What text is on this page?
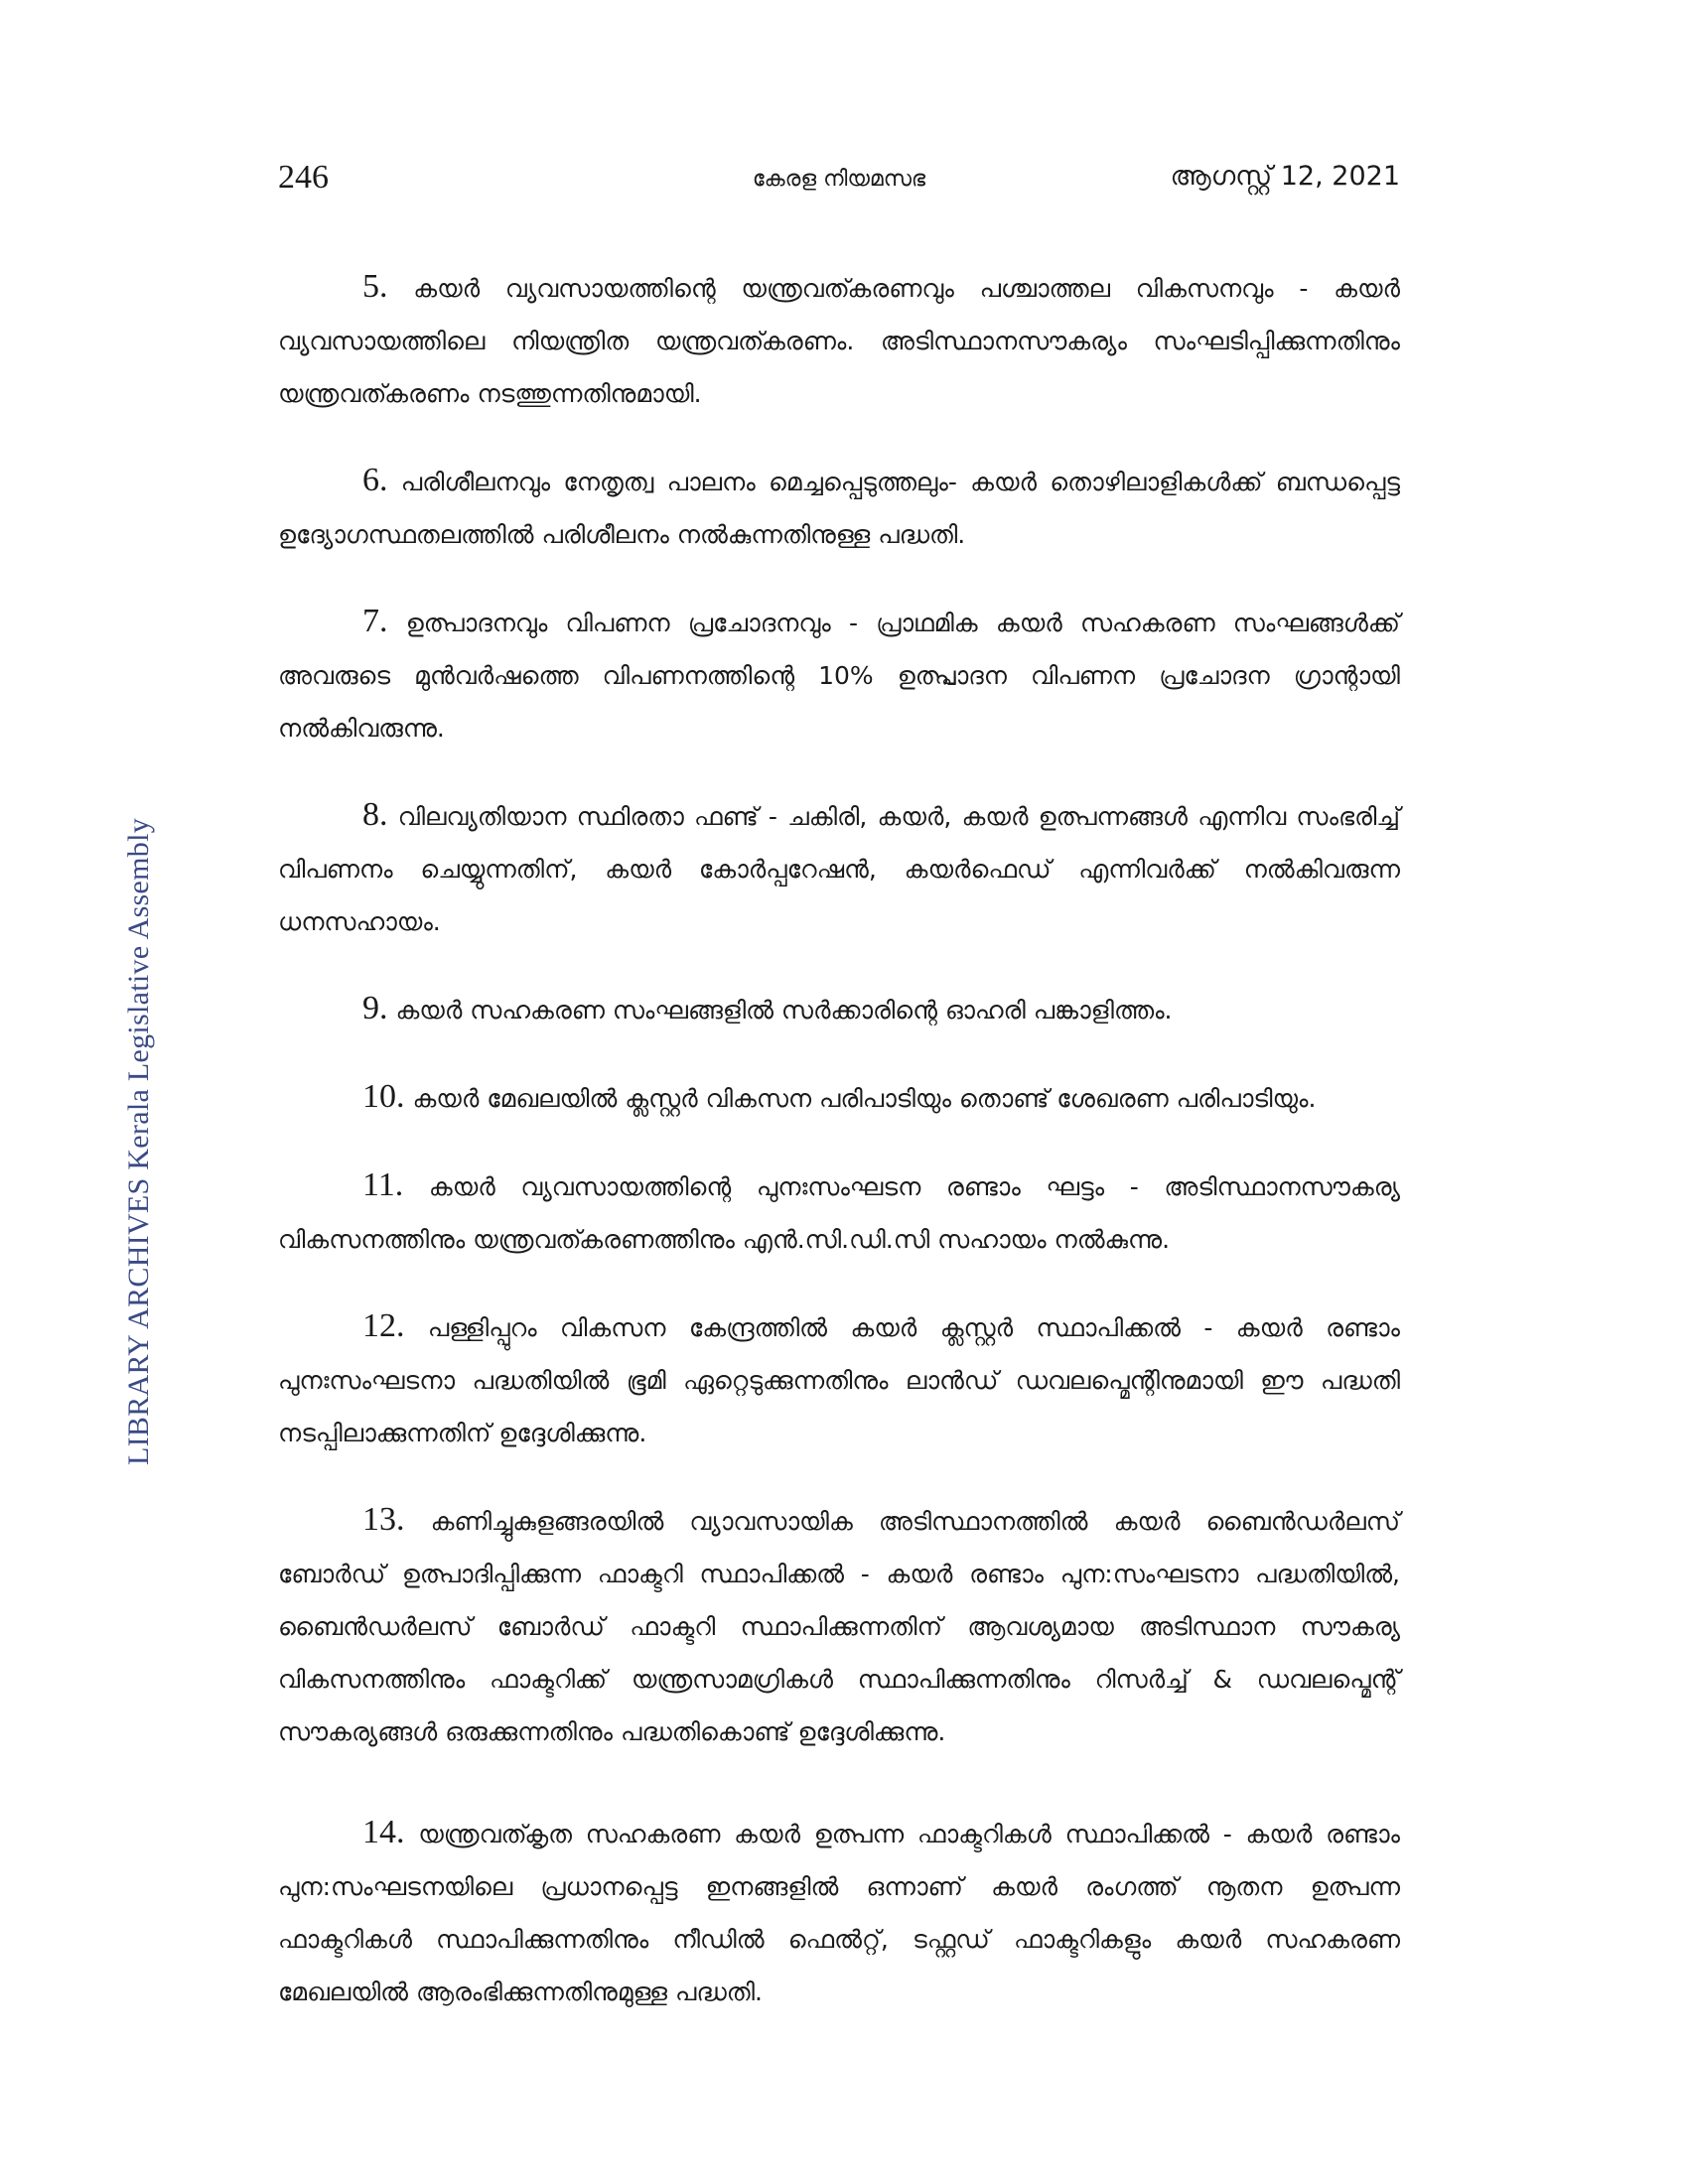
246	കേരള നിയമസഭ	ആഗസ്റ്റ് 12, 2021
LIBRARY ARCHIVES Kerala Legislative Assembly

5. കയർ വ്യവസായത്തിന്റെ യന്ത്രവത്കരണവും പശ്ചാത്തല വികസനവും - കയർ വ്യവസായത്തിലെ നിയന്ത്രിത യന്ത്രവത്കരണം. അടിസ്ഥാനസൗകര്യം സംഘടിപ്പിക്കുന്നതിനും യന്ത്രവത്കരണം നടത്തുന്നതിനുമായി.

6. പരിശീലനവും നേതൃത്വ പാലനം മെച്ചപ്പെടുത്തലും- കയർ തൊഴിലാളികൾക്ക് ബന്ധപ്പെട്ട ഉദ്യോഗസ്ഥതലത്തിൽ പരിശീലനം നൽകുന്നതിനുള്ള പദ്ധതി.

7. ഉത്പാദനവും വിപണന പ്രചോദനവും - പ്രാഥമിക കയർ സഹകരണ സംഘങ്ങൾക്ക് അവരുടെ മുൻവർഷത്തെ വിപണനത്തിന്റെ 10% ഉത്പ്പാദന വിപണന പ്രചോദന ഗ്രാന്റായി നൽകിവരുന്നു.

8. വിലവ്യതിയാന സ്ഥിരതാ ഫണ്ട് - ചകിരി, കയർ, കയർ ഉത്പന്നങ്ങൾ എന്നിവ സംഭരിച്ച് വിപണനം ചെയ്യുന്നതിന്, കയർ കോർപ്പറേഷൻ, കയർഫെഡ് എന്നിവർക്ക് നൽകിവരുന്ന ധനസഹായം.

9. കയർ സഹകരണ സംഘങ്ങളിൽ സർക്കാരിന്റെ ഓഹരി പങ്കാളിത്തം.

10. കയർ മേഖലയിൽ ക്ലസ്റ്റർ വികസന പരിപാടിയും തൊണ്ട് ശേഖരണ പരിപാടിയും.

11. കയർ വ്യവസായത്തിന്റെ പുനഃസംഘടന രണ്ടാം ഘട്ടം - അടിസ്ഥാനസൗകര്യ വികസനത്തിനും യന്ത്രവത്കരണത്തിനും എൻ.സി.ഡി.സി സഹായം നൽകുന്നു.

12. പള്ളിപ്പുറം വികസന കേന്ദ്രത്തിൽ കയർ ക്ലസ്റ്റർ സ്ഥാപിക്കൽ - കയർ രണ്ടാം പുനഃസംഘടനാ പദ്ധതിയിൽ ഭൂമി ഏറ്റെടുക്കുന്നതിനും ലാൻഡ് ഡവലപ്മെന്റിനുമായി ഈ പദ്ധതി നടപ്പിലാക്കുന്നതിന് ഉദ്ദേശിക്കുന്നു.

13. കണിച്ചുകുളങ്ങരയിൽ വ്യാവസായിക അടിസ്ഥാനത്തിൽ കയർ ബൈൻഡർലസ് ബോർഡ് ഉത്പാദിപ്പിക്കുന്ന ഫാക്ടറി സ്ഥാപിക്കൽ - കയർ രണ്ടാം പുന:സംഘടനാ പദ്ധതിയിൽ, ബൈൻഡർലസ് ബോർഡ് ഫാക്ടറി സ്ഥാപിക്കുന്നതിന് ആവശ്യമായ അടിസ്ഥാന സൗകര്യ വികസനത്തിനും ഫാക്ടറിക്ക് യന്ത്രസാമഗ്രികൾ സ്ഥാപിക്കുന്നതിനും റിസർച്ച് & ഡവലപ്മെന്റ് സൗകര്യങ്ങൾ ഒരുക്കുന്നതിനും പദ്ധതികൊണ്ട് ഉദ്ദേശിക്കുന്നു.

14. യന്ത്രവത്കൃത സഹകരണ കയർ ഉത്പന്ന ഫാക്ടറികൾ സ്ഥാപിക്കൽ - കയർ രണ്ടാം പുന:സംഘടനയിലെ പ്രധാനപ്പെട്ട ഇനങ്ങളിൽ ഒന്നാണ് കയർ രംഗത്ത് നൂതന ഉത്പന്ന ഫാക്ടറികൾ സ്ഥാപിക്കുന്നതിനും നീഡിൽ ഫെൽറ്റ്, ടഫ്റ്റഡ് ഫാക്ടറികളും കയർ സഹകരണ മേഖലയിൽ ആരംഭിക്കുന്നതിനുമുള്ള പദ്ധതി.
